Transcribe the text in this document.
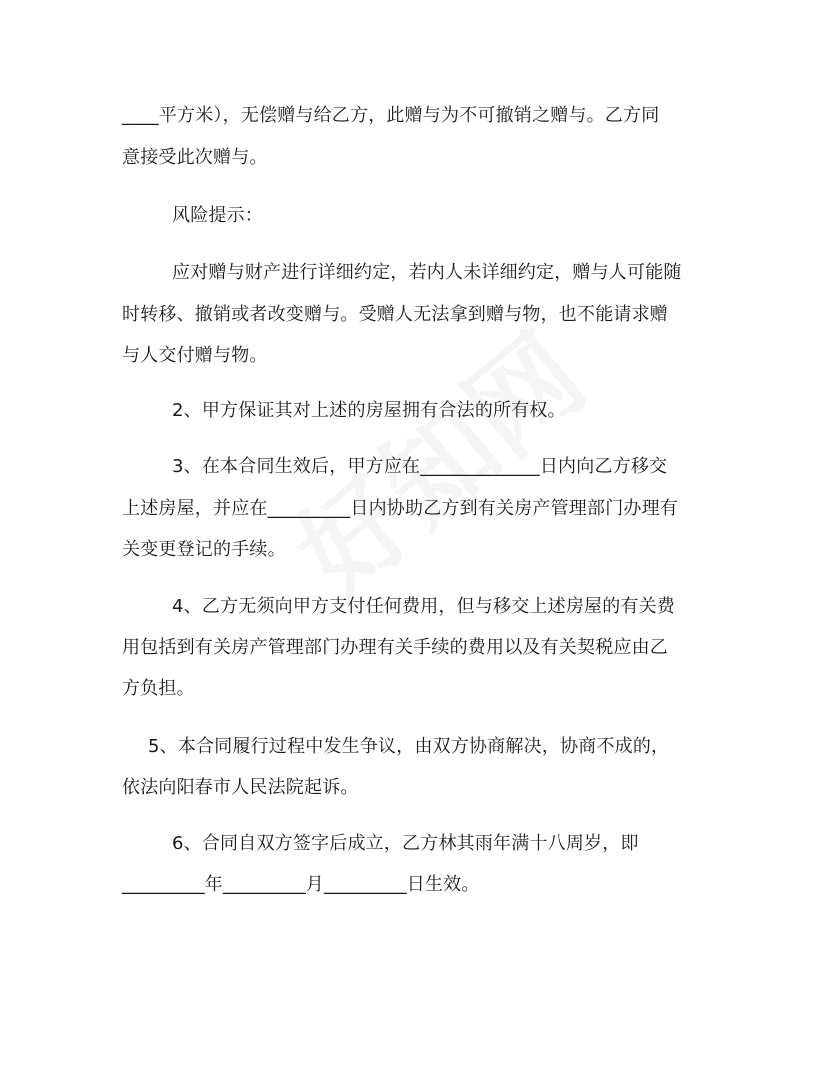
____平方米），无偿赠与给乙方，此赠与为不可撤销之赠与。乙方同
意接受此次赠与。
风险提示：
应对赠与财产进行详细约定，若内人未详细约定，赠与人可能随
时转移、撤销或者改变赠与。受赠人无法拿到赠与物，也不能请求赠
与人交付赠与物。
2、甲方保证其对上述的房屋拥有合法的所有权。
3、在本合同生效后，甲方应在_____________日内向乙方移交
上述房屋，并应在_________日内协助乙方到有关房产管理部门办理有
关变更登记的手续。
4、乙方无须向甲方支付任何费用，但与移交上述房屋的有关费
用包括到有关房产管理部门办理有关手续的费用以及有关契税应由乙
方负担。
5、本合同履行过程中发生争议，由双方协商解决，协商不成的，
依法向阳春市人民法院起诉。
6、合同自双方签字后成立，乙方林其雨年满十八周岁，即
_________年_________月_________日生效。
